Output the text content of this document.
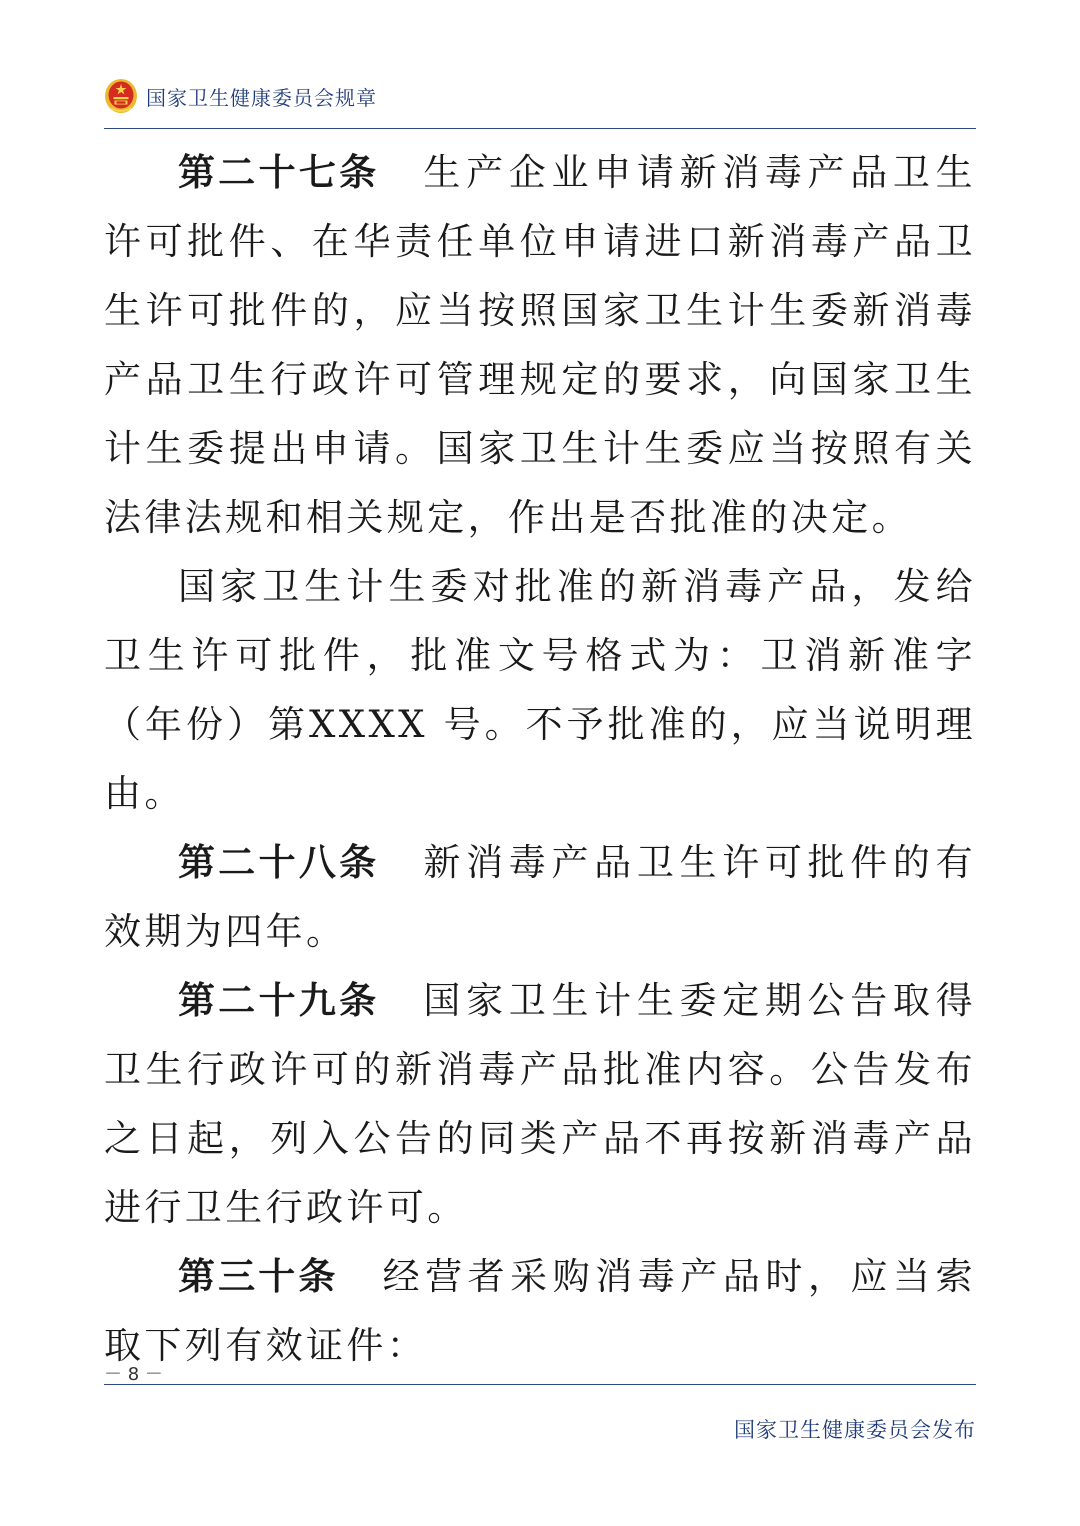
国家卫生健康委员会规章

第二十七条 生产企业申请新消毒产品卫生许可批件、在华责任单位申请进口新消毒产品卫生许可批件的，应当按照国家卫生计生委新消毒产品卫生行政许可管理规定的要求，向国家卫生计生委提出申请。国家卫生计生委应当按照有关法律法规和相关规定，作出是否批准的决定。

国家卫生计生委对批准的新消毒产品，发给卫生许可批件，批准文号格式为：卫消新准字（年份）第XXXX 号。不予批准的，应当说明理由。

第二十八条 新消毒产品卫生许可批件的有效期为四年。

第二十九条 国家卫生计生委定期公告取得卫生行政许可的新消毒产品批准内容。公告发布之日起，列入公告的同类产品不再按新消毒产品进行卫生行政许可。

第三十条 经营者采购消毒产品时，应当索取下列有效证件：

－ 8 －
国家卫生健康委员会发布
